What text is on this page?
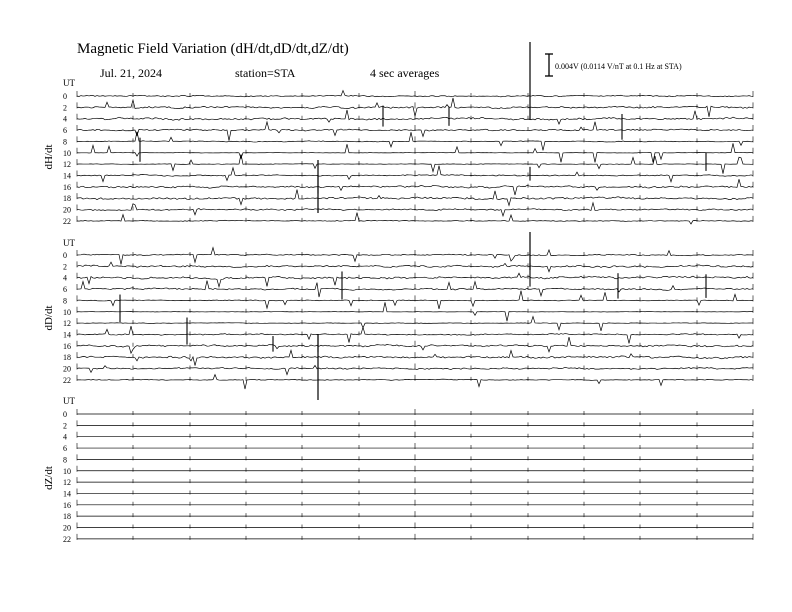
Magnetic Field Variation (dH/dt,dD/dt,dZ/dt)
Jul. 21, 2024	station=STA	4 sec averages	0.004V (0.0114 V/nT at 0.1 Hz at STA)
UT
dH/dt
0
2
4
6
8
10
12
14
16
18
20
22
UT
dD/dt
0
2
4
6
8
10
12
14
16
18
20
22
UT
dZ/dt
0
2
4
6
8
10
12
14
16
18
20
22
